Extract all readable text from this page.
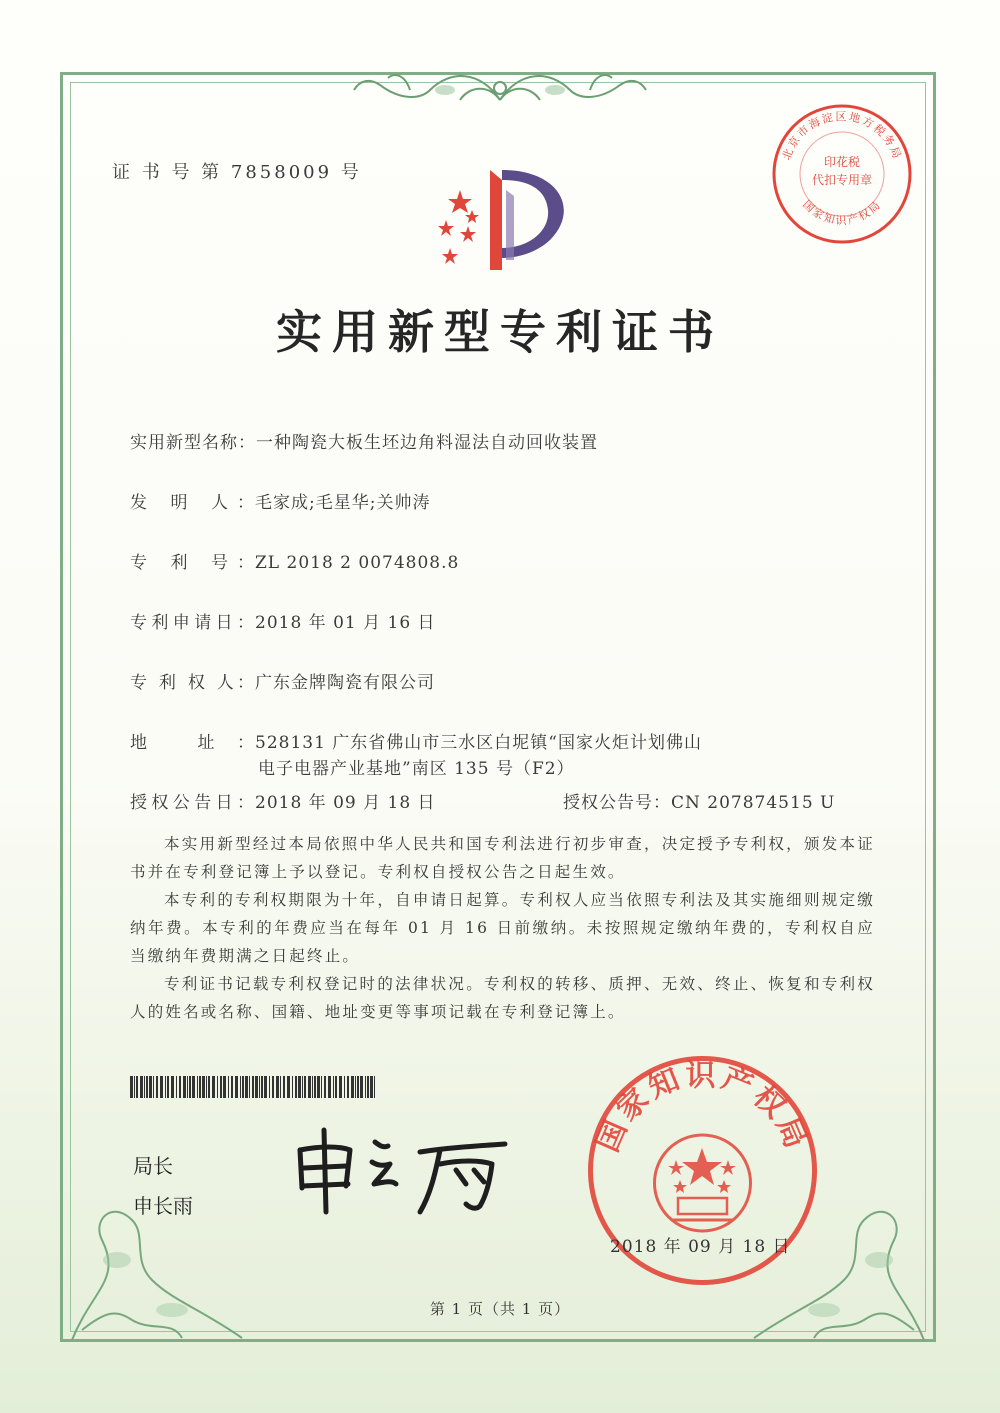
证 书 号 第 7858009 号
北京市海淀区地方税务局
印花税
代扣专用章
国家知识产权局
实用新型专利证书
实用新型名称：一种陶瓷大板生坯边角料湿法自动回收装置
发 明 人：毛家成;毛星华;关帅涛
专 利 号：ZL 2018 2 0074808.8
专利申请日：2018 年 01 月 16 日
专 利 权 人：广东金牌陶瓷有限公司
地 址：528131 广东省佛山市三水区白坭镇“国家火炬计划佛山
电子电器产业基地”南区 135 号（F2）
授权公告日：2018 年 09 月 18 日	授权公告号：CN 207874515 U
本实用新型经过本局依照中华人民共和国专利法进行初步审查，决定授予专利权，颁发本证书并在专利登记簿上予以登记。专利权自授权公告之日起生效。
本专利的专利权期限为十年，自申请日起算。专利权人应当依照专利法及其实施细则规定缴纳年费。本专利的年费应当在每年 01 月 16 日前缴纳。未按照规定缴纳年费的，专利权自应当缴纳年费期满之日起终止。
专利证书记载专利权登记时的法律状况。专利权的转移、质押、无效、终止、恢复和专利权人的姓名或名称、国籍、地址变更等事项记载在专利登记簿上。
局长
申长雨
国家知识产权局
2018 年 09 月 18 日
第 1 页（共 1 页）
